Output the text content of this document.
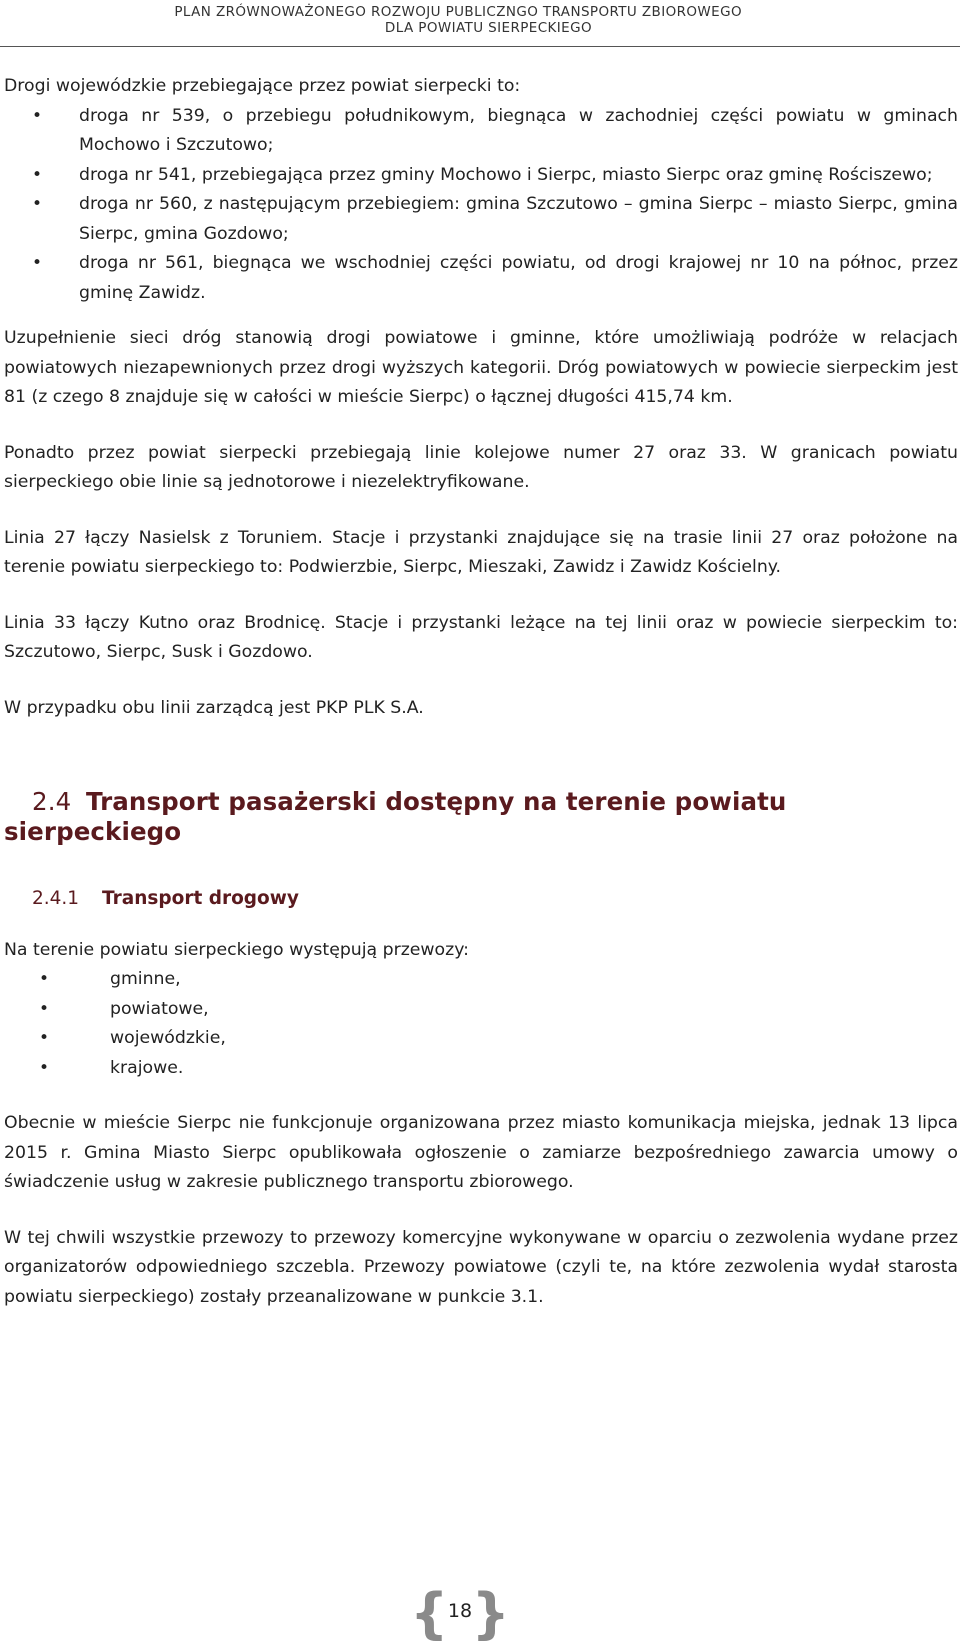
PLAN ZRÓWNOWAŻONEGO ROZWOJU PUBLICZNGO TRANSPORTU ZBIOROWEGO
DLA POWIATU SIERPECKIEGO

Drogi wojewódzkie przebiegające przez powiat sierpecki to:

• droga nr 539, o przebiegu południkowym, biegnąca w zachodniej części powiatu w gminach Mochowo i Szczutowo;
• droga nr 541, przebiegająca przez gminy Mochowo i Sierpc, miasto Sierpc oraz gminę Rościszewo;
• droga nr 560, z następującym przebiegiem: gmina Szczutowo – gmina Sierpc – miasto Sierpc, gmina Sierpc, gmina Gozdowo;
• droga nr 561, biegnąca we wschodniej części powiatu, od drogi krajowej nr 10 na północ, przez gminę Zawidz.

Uzupełnienie sieci dróg stanowią drogi powiatowe i gminne, które umożliwiają podróże w relacjach powiatowych niezapewnionych przez drogi wyższych kategorii. Dróg powiatowych w powiecie sierpeckim jest 81 (z czego 8 znajduje się w całości w mieście Sierpc) o łącznej długości 415,74 km.

Ponadto przez powiat sierpecki przebiegają linie kolejowe numer 27 oraz 33. W granicach powiatu sierpeckiego obie linie są jednotorowe i niezelektryfikowane.

Linia 27 łączy Nasielsk z Toruniem. Stacje i przystanki znajdujące się na trasie linii 27 oraz położone na terenie powiatu sierpeckiego to: Podwierzbie, Sierpc, Mieszaki, Zawidz i Zawidz Kościelny.

Linia 33 łączy Kutno oraz Brodnicę. Stacje i przystanki leżące na tej linii oraz w powiecie sierpeckim to: Szczutowo, Sierpc, Susk i Gozdowo.

W przypadku obu linii zarządcą jest PKP PLK S.A.

2.4 Transport pasażerski dostępny na terenie powiatu sierpeckiego
2.4.1 Transport drogowy

Na terenie powiatu sierpeckiego występują przewozy:

•	gminne,
•	powiatowe,
•	wojewódzkie,
•	krajowe.

Obecnie w mieście Sierpc nie funkcjonuje organizowana przez miasto komunikacja miejska, jednak 13 lipca 2015 r. Gmina Miasto Sierpc opublikowała ogłoszenie o zamiarze bezpośredniego zawarcia umowy o świadczenie usług w zakresie publicznego transportu zbiorowego.

W tej chwili wszystkie przewozy to przewozy komercyjne wykonywane w oparciu o zezwolenia wydane przez organizatorów odpowiedniego szczebla. Przewozy powiatowe (czyli te, na które zezwolenia wydał starosta powiatu sierpeckiego) zostały przeanalizowane w punkcie 3.1.

{ 18 }
